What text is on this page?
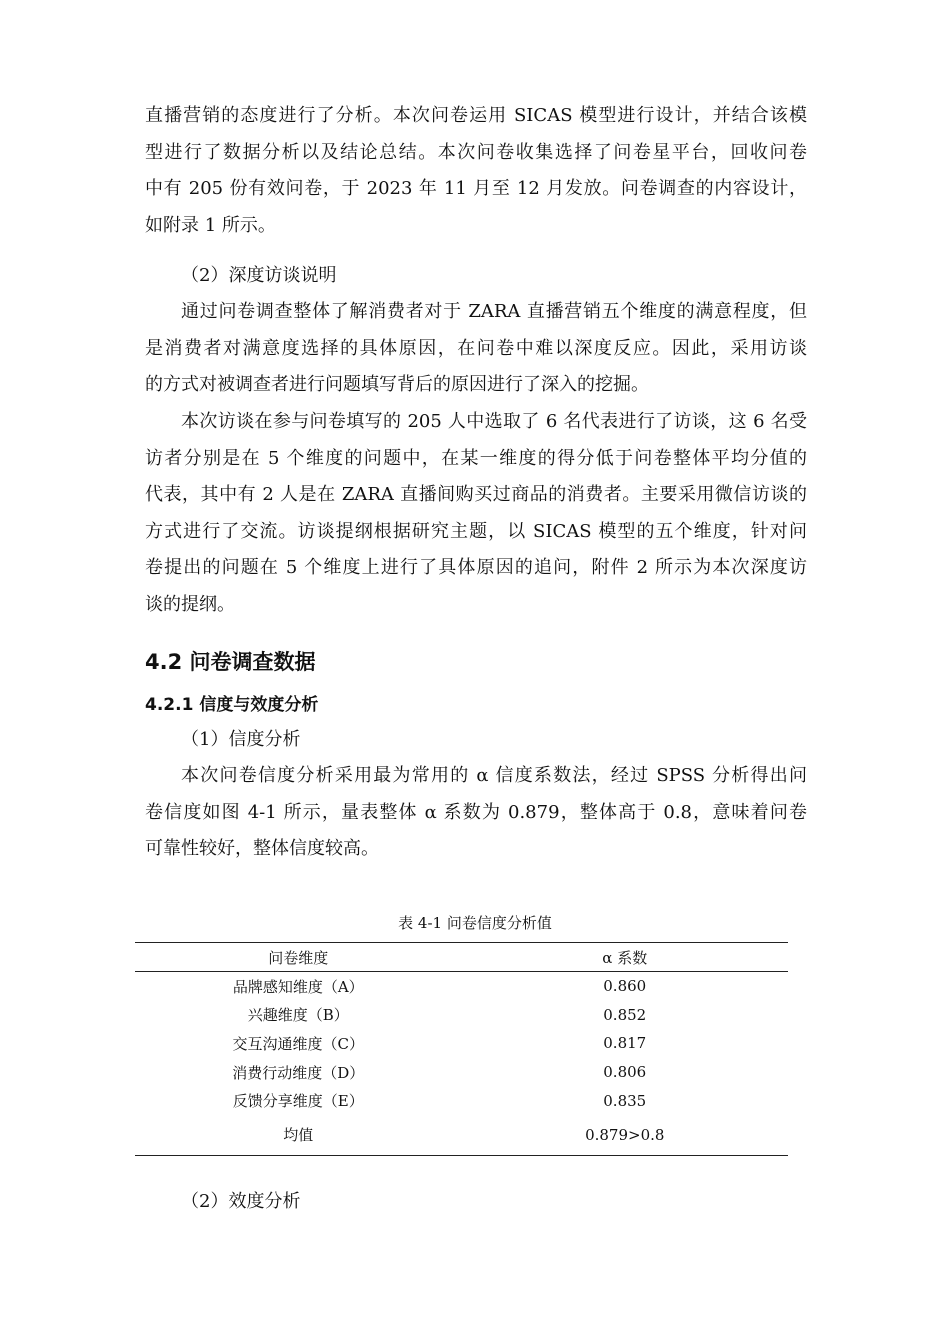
直播营销的态度进行了分析。本次问卷运用 SICAS 模型进行设计，并结合该模
型进行了数据分析以及结论总结。本次问卷收集选择了问卷星平台，回收问卷
中有 205 份有效问卷，于 2023 年 11 月至 12 月发放。问卷调查的内容设计，
如附录 1 所示。
（2）深度访谈说明
通过问卷调查整体了解消费者对于 ZARA 直播营销五个维度的满意程度，但
是消费者对满意度选择的具体原因，在问卷中难以深度反应。因此，采用访谈
的方式对被调查者进行问题填写背后的原因进行了深入的挖掘。
本次访谈在参与问卷填写的 205 人中选取了 6 名代表进行了访谈，这 6 名受
访者分别是在 5 个维度的问题中，在某一维度的得分低于问卷整体平均分值的
代表，其中有 2 人是在 ZARA 直播间购买过商品的消费者。主要采用微信访谈的
方式进行了交流。访谈提纲根据研究主题，以 SICAS 模型的五个维度，针对问
卷提出的问题在 5 个维度上进行了具体原因的追问，附件 2 所示为本次深度访
谈的提纲。
4.2 问卷调查数据
4.2.1 信度与效度分析
（1）信度分析
本次问卷信度分析采用最为常用的 α 信度系数法，经过 SPSS 分析得出问
卷信度如图 4-1 所示，量表整体 α 系数为 0.879，整体高于 0.8，意味着问卷
可靠性较好，整体信度较高。
表 4-1 问卷信度分析值
问卷维度	α 系数
品牌感知维度（A）	0.860
兴趣维度（B）	0.852
交互沟通维度（C）	0.817
消费行动维度（D）	0.806
反馈分享维度（E）	0.835
均值	0.879>0.8
（2）效度分析
